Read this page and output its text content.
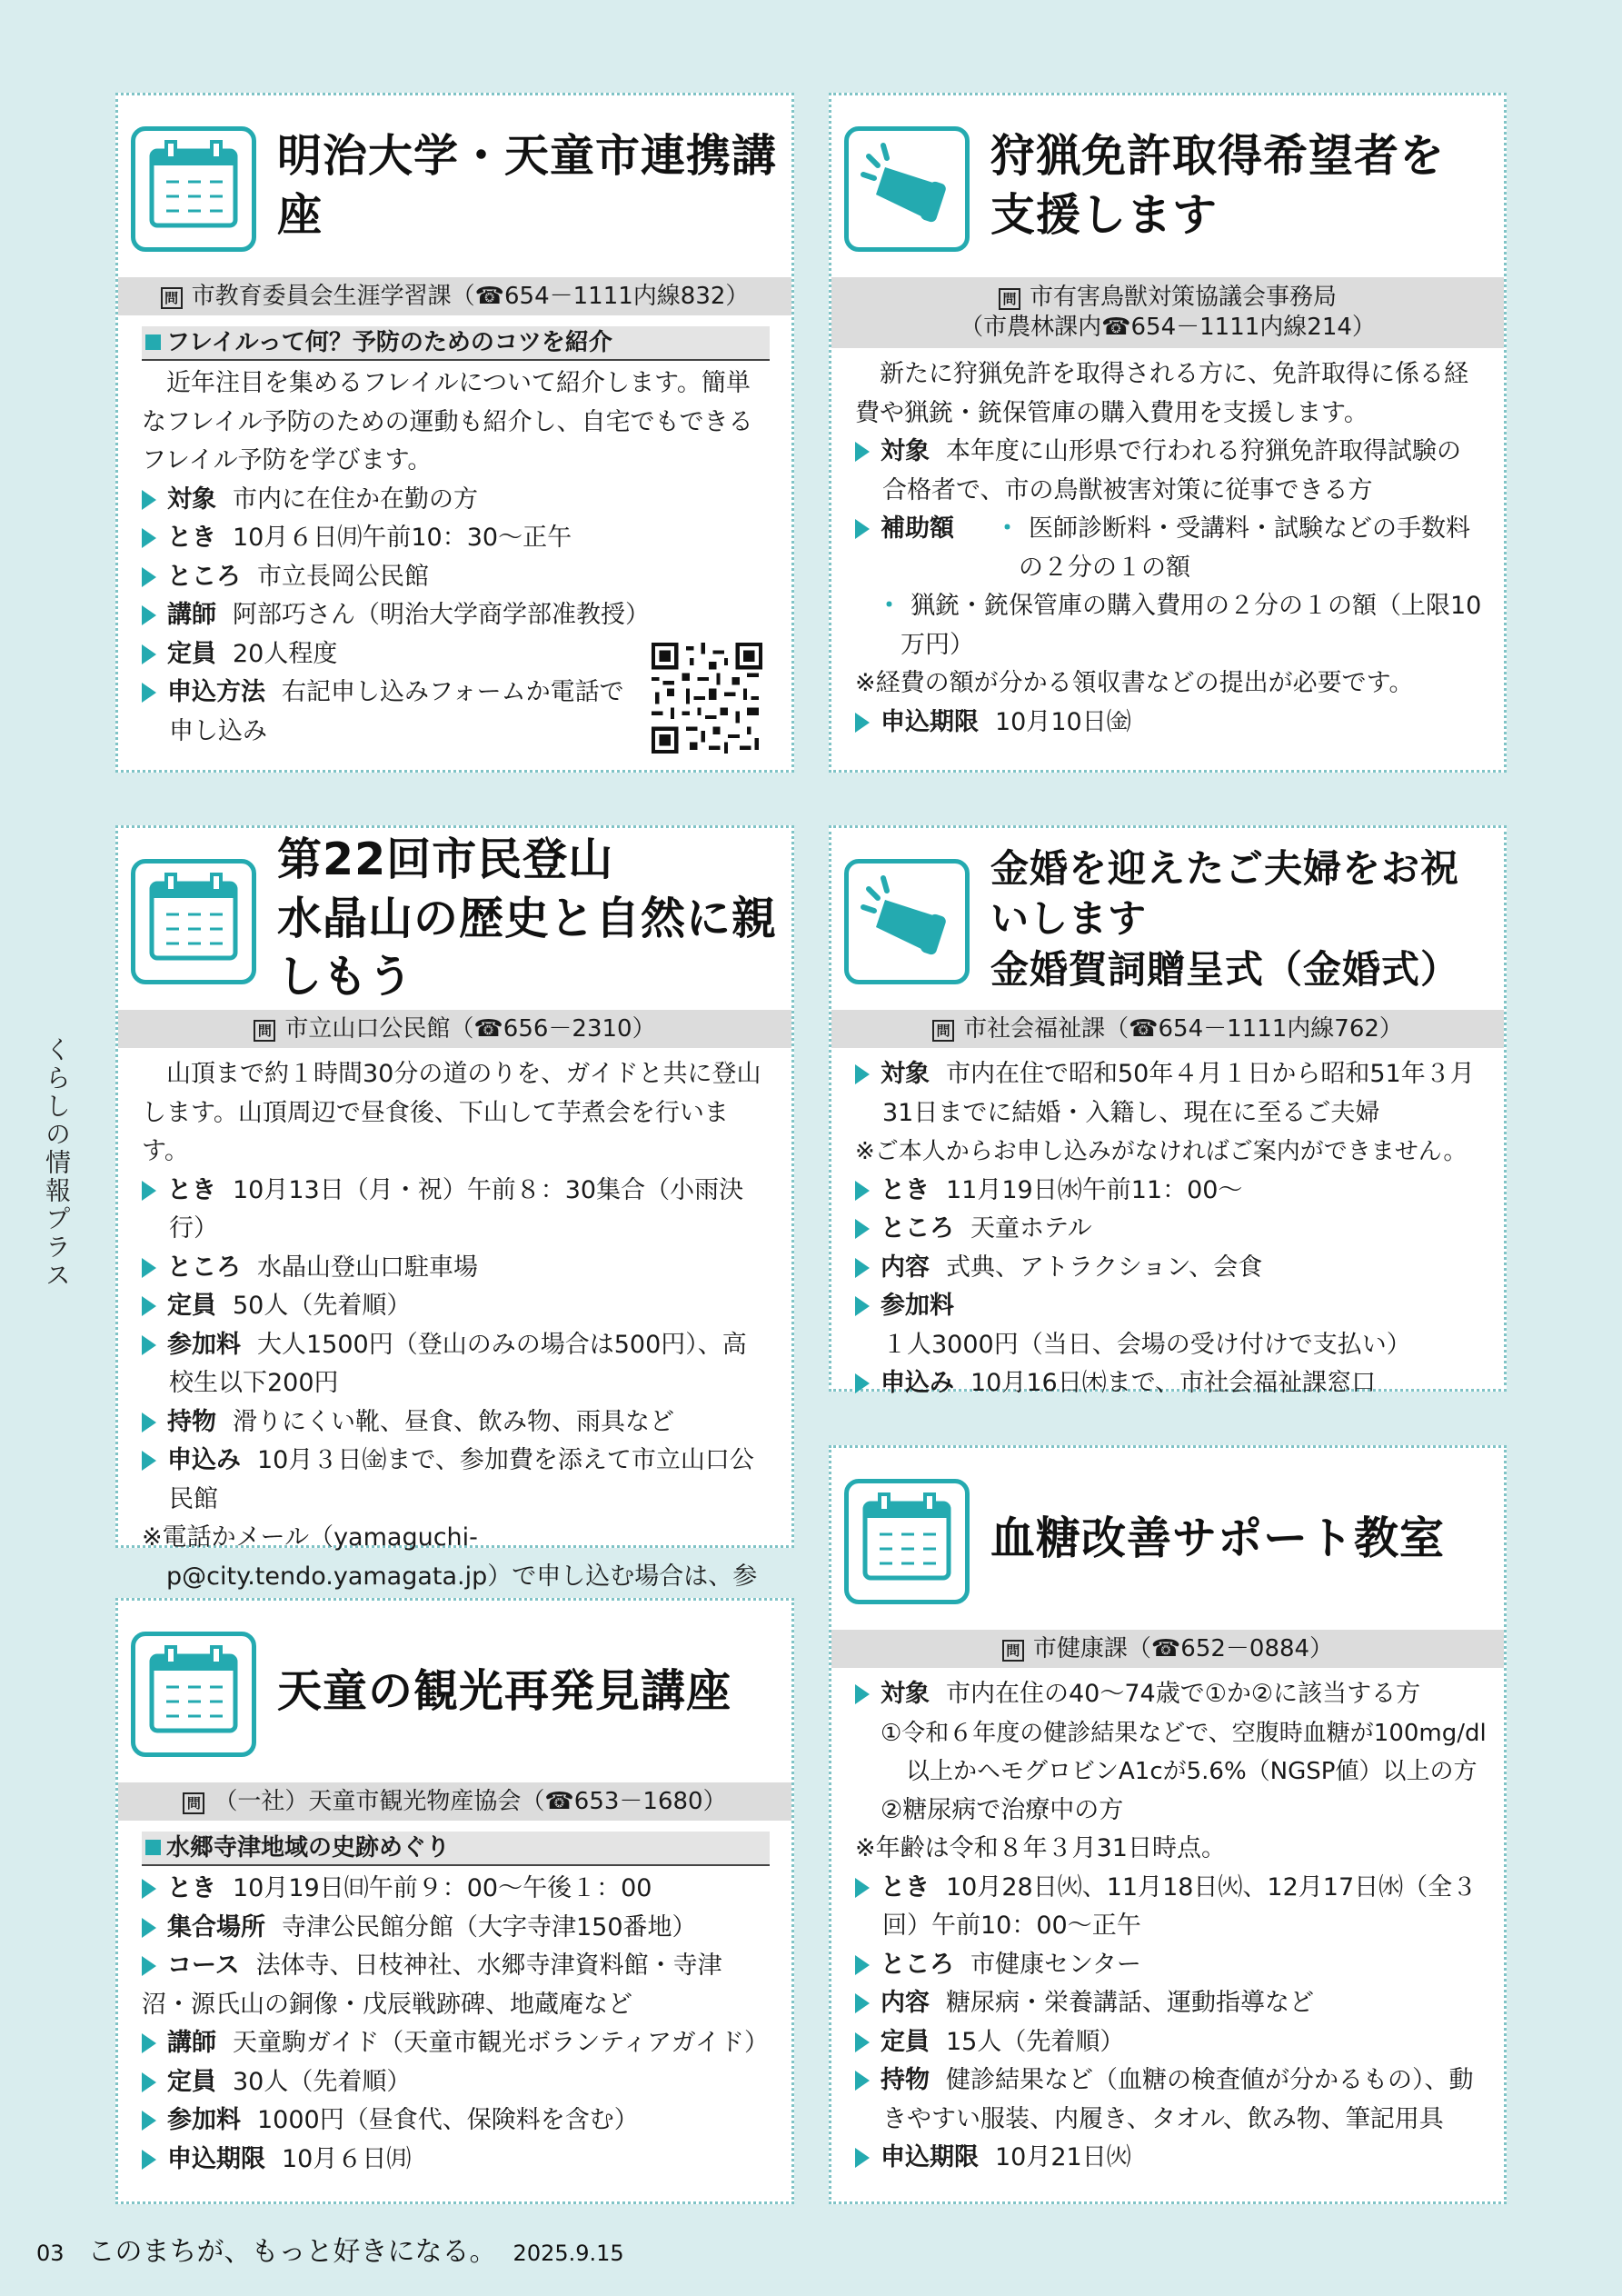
明治大学・天童市連携講座
問 市教育委員会生涯学習課（☎654－1111内線832）
フレイルって何？予防のためのコツを紹介
近年注目を集めるフレイルについて紹介します。簡単なフレイル予防のための運動も紹介し、自宅でもできるフレイル予防を学びます。
対象 市内に在住か在勤の方
とき 10月６日㈪午前10：30～正午
ところ 市立長岡公民館
講師 阿部巧さん（明治大学商学部准教授）
定員 20人程度
申込方法 右記申し込みフォームか電話で申し込み
狩猟免許取得希望者を
支援します
問 市有害鳥獣対策協議会事務局
（市農林課内☎654－1111内線214）
新たに狩猟免許を取得される方に、免許取得に係る経費や猟銃・銃保管庫の購入費用を支援します。
対象 本年度に山形県で行われる狩猟免許取得試験の合格者で、市の鳥獣被害対策に従事できる方
補助額	・ 医師診断料・受講料・試験などの手数料の２分の１の額
・ 猟銃・銃保管庫の購入費用の２分の１の額（上限10万円）
※経費の額が分かる領収書などの提出が必要です。
申込期限 10月10日㈮
第22回市民登山
水晶山の歴史と自然に親しもう
問 市立山口公民館（☎656－2310）
山頂まで約１時間30分の道のりを、ガイドと共に登山します。山頂周辺で昼食後、下山して芋煮会を行います。
とき 10月13日（月・祝）午前８：30集合（小雨決行）
ところ 水晶山登山口駐車場
定員 50人（先着順）
参加料 大人1500円（登山のみの場合は500円）、高校生以下200円
持物 滑りにくい靴、昼食、飲み物、雨具など
申込み 10月３日㈮まで、参加費を添えて市立山口公民館
※電話かメール（yamaguchi-p@city.tendo.yamagata.jp）で申し込む場合は、参
金婚を迎えたご夫婦をお祝いします
金婚賀詞贈呈式（金婚式）
問 市社会福祉課（☎654－1111内線762）
対象 市内在住で昭和50年４月１日から昭和51年３月31日までに結婚・入籍し、現在に至るご夫婦
※ご本人からお申し込みがなければご案内ができません。
とき 11月19日㈬午前11：00～
ところ 天童ホテル
内容 式典、アトラクション、会食
参加料１人3000円（当日、会場の受け付けで支払い）
申込み 10月16日㈭まで、市社会福祉課窓口
天童の観光再発見講座
問 （一社）天童市観光物産協会（☎653－1680）
水郷寺津地域の史跡めぐり
とき 10月19日㈰午前９：00～午後１：00
集合場所 寺津公民館分館（大字寺津150番地）
コース 法体寺、日枝神社、水郷寺津資料館・寺津沼・源氏山の銅像・戊辰戦跡碑、地蔵庵など
講師 天童駒ガイド（天童市観光ボランティアガイド）
定員 30人（先着順）
参加料 1000円（昼食代、保険料を含む）
申込期限 10月６日㈪
血糖改善サポート教室
問 市健康課（☎652－0884）
対象 市内在住の40～74歳で①か②に該当する方
①令和６年度の健診結果などで、空腹時血糖が100mg/dl以上かヘモグロビンA1cが5.6%（NGSP値）以上の方
②糖尿病で治療中の方
※年齢は令和８年３月31日時点。
とき 10月28日㈫、11月18日㈫、12月17日㈬（全３回）午前10：00～正午
ところ 市健康センター
内容 糖尿病・栄養講話、運動指導など
定員 15人（先着順）
持物 健診結果など（血糖の検査値が分かるもの）、動きやすい服装、内履き、タオル、飲み物、筆記用具
申込期限 10月21日㈫
くらしの情報プラス
03 このまちが、もっと好きになる。 2025.9.15
